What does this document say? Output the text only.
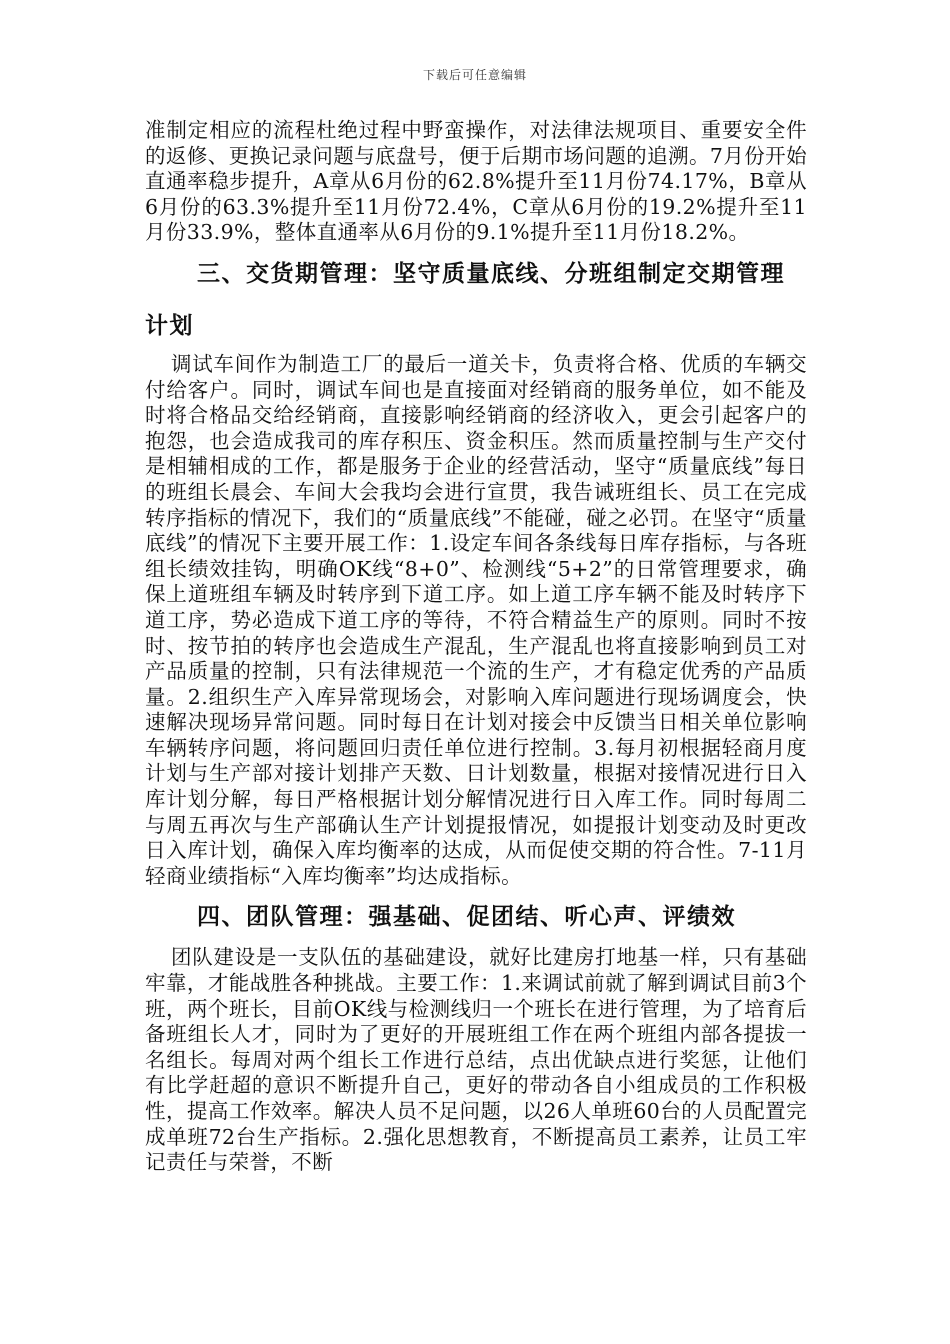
下载后可任意编辑

准制定相应的流程杜绝过程中野蛮操作，对法律法规项目、重要安全件的返修、更换记录问题与底盘号，便于后期市场问题的追溯。7月份开始直通率稳步提升，A章从6月份的62.8%提升至11月份74.17%，B章从6月份的63.3%提升至11月份72.4%，C章从6月份的19.2%提升至11月份33.9%，整体直通率从6月份的9.1%提升至11月份18.2%。

三、交货期管理：坚守质量底线、分班组制定交期管理计划

调试车间作为制造工厂的最后一道关卡，负责将合格、优质的车辆交付给客户。同时，调试车间也是直接面对经销商的服务单位，如不能及时将合格品交给经销商，直接影响经销商的经济收入，更会引起客户的抱怨，也会造成我司的库存积压、资金积压。然而质量控制与生产交付是相辅相成的工作，都是服务于企业的经营活动，坚守“质量底线”每日的班组长晨会、车间大会我均会进行宣贯，我告诫班组长、员工在完成转序指标的情况下，我们的“质量底线”不能碰，碰之必罚。在坚守“质量底线”的情况下主要开展工作：1.设定车间各条线每日库存指标，与各班组长绩效挂钩，明确OK线“8+0”、检测线“5+2”的日常管理要求，确保上道班组车辆及时转序到下道工序。如上道工序车辆不能及时转序下道工序，势必造成下道工序的等待，不符合精益生产的原则。同时不按时、按节拍的转序也会造成生产混乱，生产混乱也将直接影响到员工对产品质量的控制，只有法律规范一个流的生产，才有稳定优秀的产品质量。2.组织生产入库异常现场会，对影响入库问题进行现场调度会，快速解决现场异常问题。同时每日在计划对接会中反馈当日相关单位影响车辆转序问题，将问题回归责任单位进行控制。3.每月初根据轻商月度计划与生产部对接计划排产天数、日计划数量，根据对接情况进行日入库计划分解，每日严格根据计划分解情况进行日入库工作。同时每周二与周五再次与生产部确认生产计划提报情况，如提报计划变动及时更改日入库计划，确保入库均衡率的达成，从而促使交期的符合性。7-11月轻商业绩指标“入库均衡率”均达成指标。

四、团队管理：强基础、促团结、听心声、评绩效

团队建设是一支队伍的基础建设，就好比建房打地基一样，只有基础牢靠，才能战胜各种挑战。主要工作：1.来调试前就了解到调试目前3个班，两个班长，目前OK线与检测线归一个班长在进行管理，为了培育后备班组长人才，同时为了更好的开展班组工作在两个班组内部各提拔一名组长。每周对两个组长工作进行总结，点出优缺点进行奖惩，让他们有比学赶超的意识不断提升自己，更好的带动各自小组成员的工作积极性，提高工作效率。解决人员不足问题，以26人单班60台的人员配置完成单班72台生产指标。2.强化思想教育，不断提高员工素养，让员工牢记责任与荣誉，不断
